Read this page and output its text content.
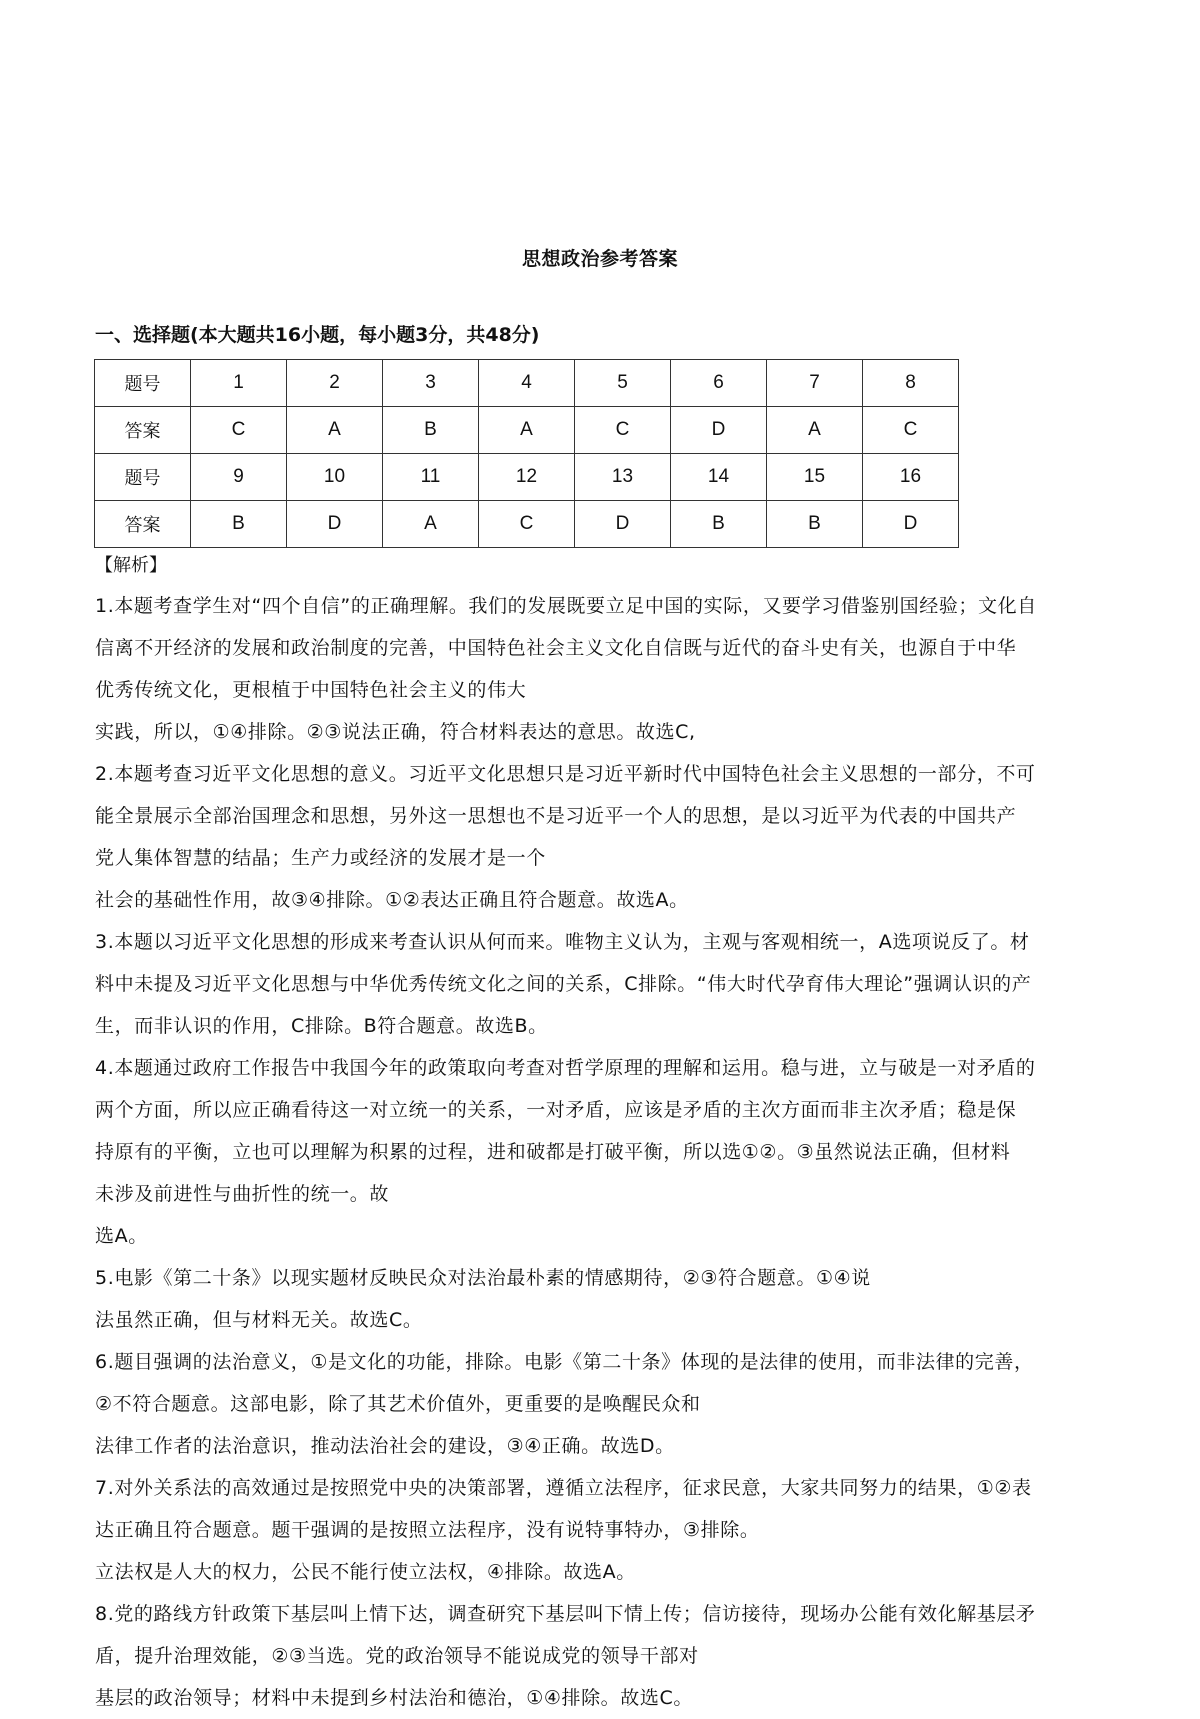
思想政治参考答案
一、选择题(本大题共16小题，每小题3分，共48分)
题号	1	2	3	4	5	6	7	8
答案	C	A	B	A	C	D	A	C
题号	9	10	11	12	13	14	15	16
答案	B	D	A	C	D	B	B	D
【解析】
1.本题考查学生对“四个自信”的正确理解。我们的发展既要立足中国的实际，又要学习借鉴别国经验；文化自
信离不开经济的发展和政治制度的完善，中国特色社会主义文化自信既与近代的奋斗史有关，也源自于中华
优秀传统文化，更根植于中国特色社会主义的伟大
实践，所以，①④排除。②③说法正确，符合材料表达的意思。故选C,
2.本题考查习近平文化思想的意义。习近平文化思想只是习近平新时代中国特色社会主义思想的一部分，不可
能全景展示全部治国理念和思想，另外这一思想也不是习近平一个人的思想，是以习近平为代表的中国共产
党人集体智慧的结晶；生产力或经济的发展才是一个
社会的基础性作用，故③④排除。①②表达正确且符合题意。故选A。
3.本题以习近平文化思想的形成来考查认识从何而来。唯物主义认为，主观与客观相统一，A选项说反了。材
料中未提及习近平文化思想与中华优秀传统文化之间的关系，C排除。“伟大时代孕育伟大理论”强调认识的产
生，而非认识的作用，C排除。B符合题意。故选B。
4.本题通过政府工作报告中我国今年的政策取向考查对哲学原理的理解和运用。稳与进，立与破是一对矛盾的
两个方面，所以应正确看待这一对立统一的关系，一对矛盾，应该是矛盾的主次方面而非主次矛盾；稳是保
持原有的平衡，立也可以理解为积累的过程，进和破都是打破平衡，所以选①②。③虽然说法正确，但材料
未涉及前进性与曲折性的统一。故
选A。
5.电影《第二十条》以现实题材反映民众对法治最朴素的情感期待，②③符合题意。①④说
法虽然正确，但与材料无关。故选C。
6.题目强调的法治意义，①是文化的功能，排除。电影《第二十条》体现的是法律的使用，而非法律的完善，
②不符合题意。这部电影，除了其艺术价值外，更重要的是唤醒民众和
法律工作者的法治意识，推动法治社会的建设，③④正确。故选D。
7.对外关系法的高效通过是按照党中央的决策部署，遵循立法程序，征求民意，大家共同努力的结果，①②表
达正确且符合题意。题干强调的是按照立法程序，没有说特事特办，③排除。
立法权是人大的权力，公民不能行使立法权，④排除。故选A。
8.党的路线方针政策下基层叫上情下达，调查研究下基层叫下情上传；信访接待，现场办公能有效化解基层矛
盾，提升治理效能，②③当选。党的政治领导不能说成党的领导干部对
基层的政治领导；材料中未提到乡村法治和德治，①④排除。故选C。
